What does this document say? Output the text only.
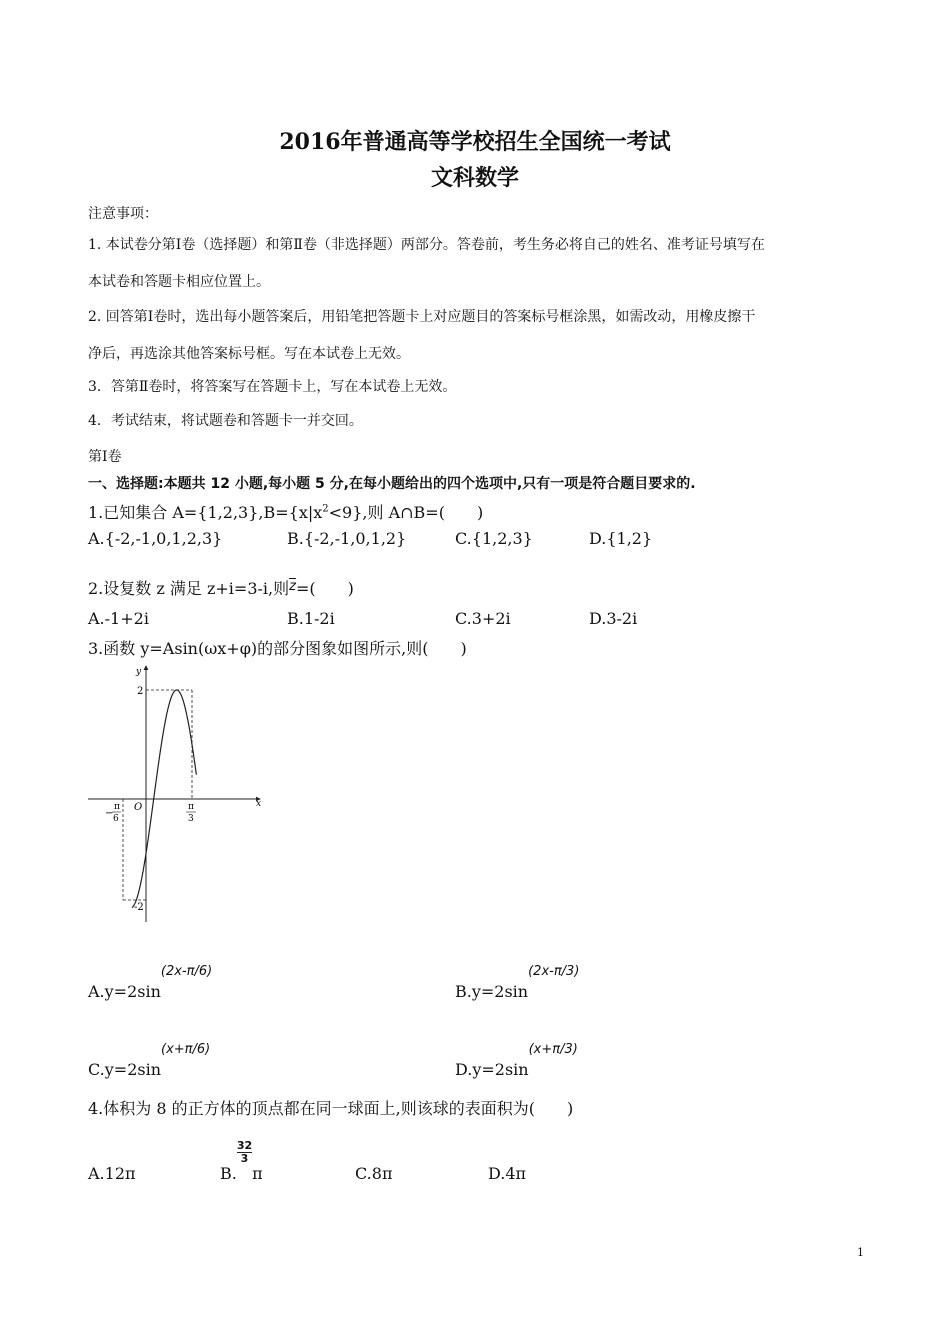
2016年普通高等学校招生全国统一考试
文科数学
注意事项：
1. 本试卷分第Ⅰ卷（选择题）和第Ⅱ卷（非选择题）两部分。答卷前，考生务必将自己的姓名、准考证号填写在
本试卷和答题卡相应位置上。
2. 回答第Ⅰ卷时，选出每小题答案后，用铅笔把答题卡上对应题目的答案标号框涂黑，如需改动，用橡皮擦干
净后，再选涂其他答案标号框。写在本试卷上无效。
3．答第Ⅱ卷时，将答案写在答题卡上，写在本试卷上无效。
4．考试结束，将试题卷和答题卡一并交回。
第Ⅰ卷
一、选择题:本题共 12 小题,每小题 5 分,在每小题给出的四个选项中,只有一项是符合题目要求的.
1.已知集合 $A=\{1,2,3\},B=\{x|x^2<9\}$,则 A∩B=(　　)
A.{-2,-1,0,1,2,3}	B.{-2,-1,0,1,2}	C.{1,2,3}	D.{1,2}
2.设复数 z 满足 z+i=3-i,则$^{\overline{z}}$=(　　)
A.-1+2i	B.1-2i	C.3+2i	D.3-2i
3.函数 y=Asin(ωx+φ)的部分图象如图所示,则(　　)
y
x
O
2
-2
−
π
6
π
3
$A.y=2\sin^{(2x-\pi/6)}$
$B.y=2\sin^{(2x-\pi/3)}$
$C.y=2\sin^{(x+\pi/6)}$
$D.y=2\sin^{(x+\pi/3)}$
4.体积为 8 的正方体的顶点都在同一球面上,则该球的表面积为(　　)
A.12π	B.
$\frac{32}{3}$
π	C.8π	D.4π
1
